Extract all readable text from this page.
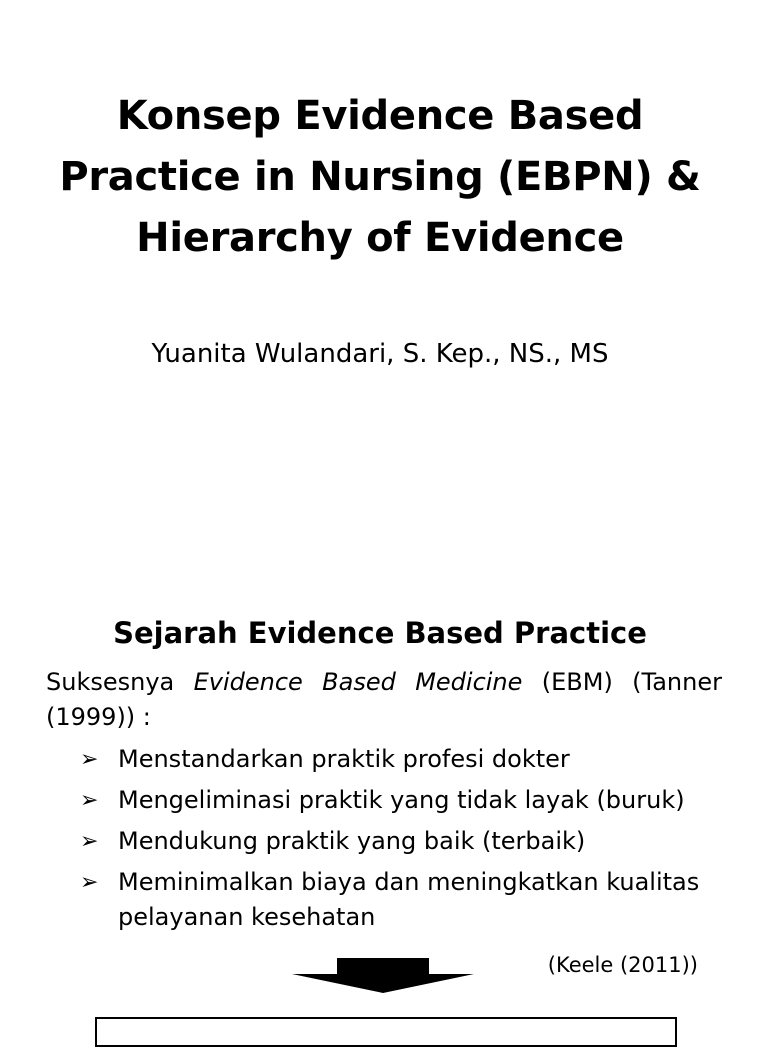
Konsep Evidence Based
Practice in Nursing (EBPN) &
Hierarchy of Evidence
Yuanita Wulandari, S. Kep., NS., MS
Sejarah Evidence Based Practice
Suksesnya Evidence Based Medicine (EBM) (Tanner
(1999)) :
➢ Menstandarkan praktik profesi dokter
➢ Mengeliminasi praktik yang tidak layak (buruk)
➢ Mendukung praktik yang baik (terbaik)
➢ Meminimalkan biaya dan meningkatkan kualitas pelayanan kesehatan
(Keele (2011))
